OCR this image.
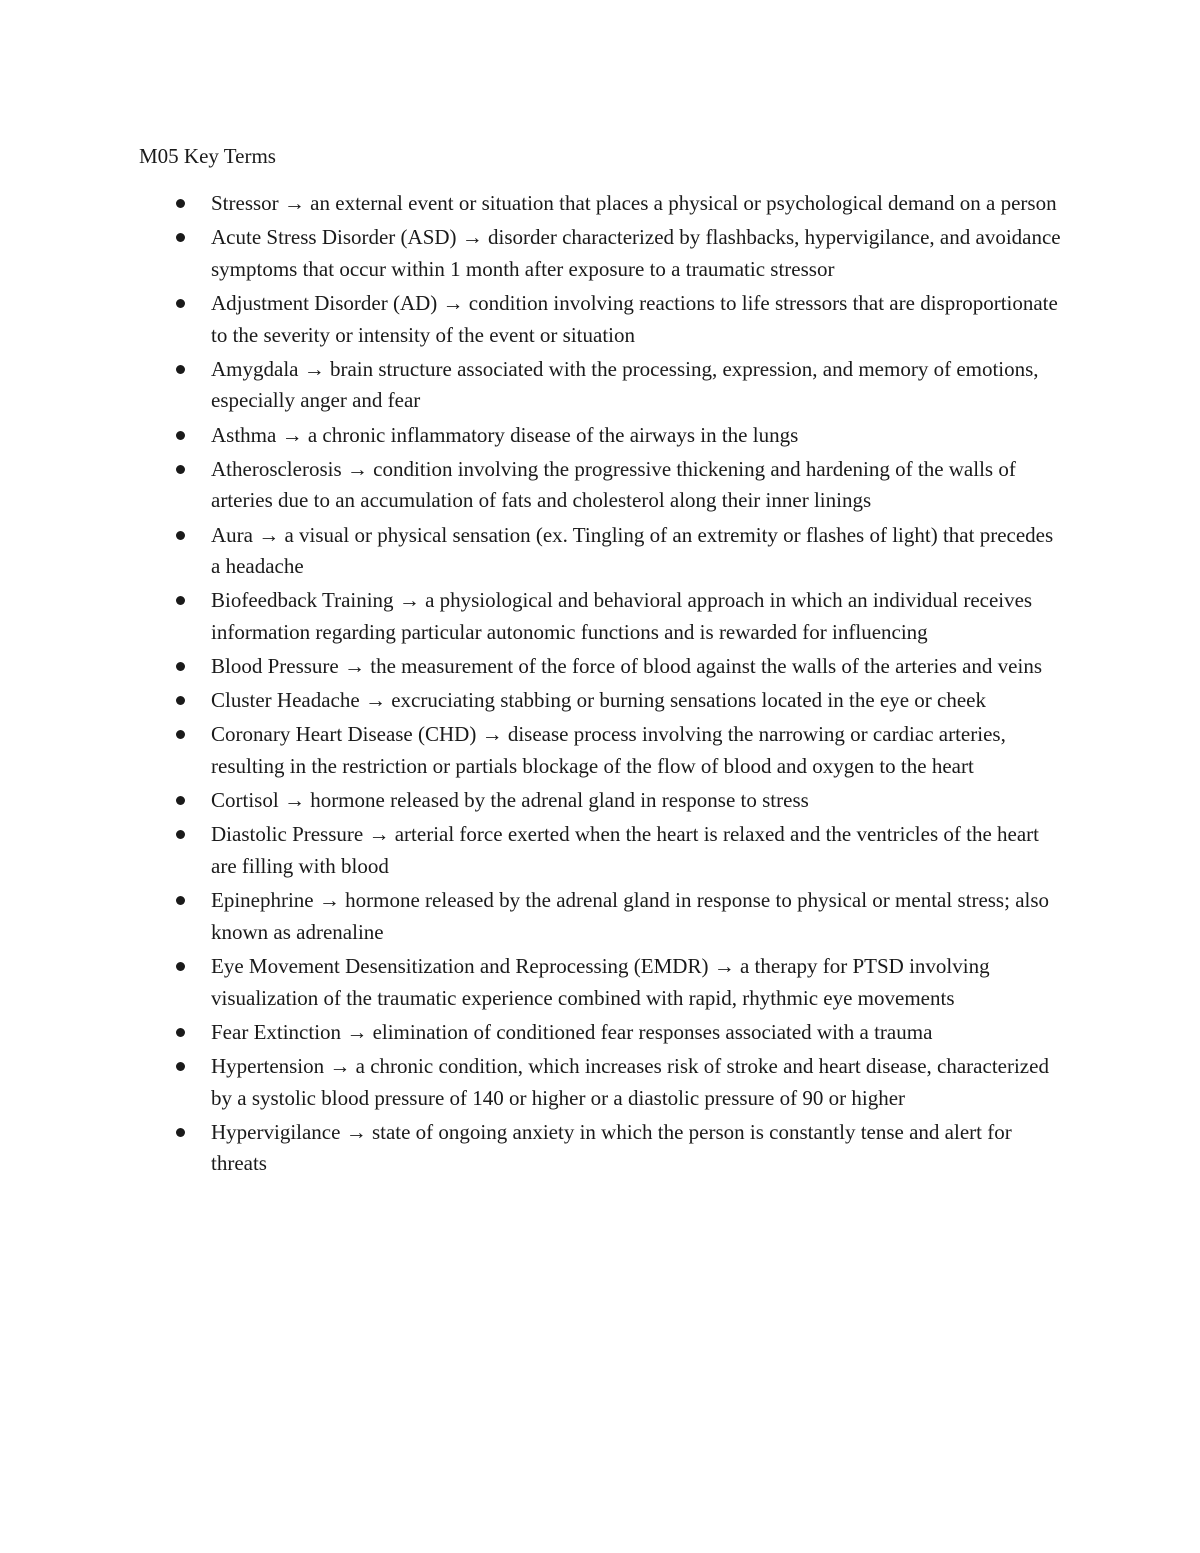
M05 Key Terms
Stressor → an external event or situation that places a physical or psychological demand on a person
Acute Stress Disorder (ASD) → disorder characterized by flashbacks, hypervigilance, and avoidance symptoms that occur within 1 month after exposure to a traumatic stressor
Adjustment Disorder (AD) → condition involving reactions to life stressors that are disproportionate to the severity or intensity of the event or situation
Amygdala → brain structure associated with the processing, expression, and memory of emotions, especially anger and fear
Asthma → a chronic inflammatory disease of the airways in the lungs
Atherosclerosis → condition involving the progressive thickening and hardening of the walls of arteries due to an accumulation of fats and cholesterol along their inner linings
Aura → a visual or physical sensation (ex. Tingling of an extremity or flashes of light) that precedes a headache
Biofeedback Training → a physiological and behavioral approach in which an individual receives information regarding particular autonomic functions and is rewarded for influencing
Blood Pressure → the measurement of the force of blood against the walls of the arteries and veins
Cluster Headache → excruciating stabbing or burning sensations located in the eye or cheek
Coronary Heart Disease (CHD) → disease process involving the narrowing or cardiac arteries, resulting in the restriction or partials blockage of the flow of blood and oxygen to the heart
Cortisol → hormone released by the adrenal gland in response to stress
Diastolic Pressure → arterial force exerted when the heart is relaxed and the ventricles of the heart are filling with blood
Epinephrine → hormone released by the adrenal gland in response to physical or mental stress; also known as adrenaline
Eye Movement Desensitization and Reprocessing (EMDR) → a therapy for PTSD involving visualization of the traumatic experience combined with rapid, rhythmic eye movements
Fear Extinction → elimination of conditioned fear responses associated with a trauma
Hypertension → a chronic condition, which increases risk of stroke and heart disease, characterized by a systolic blood pressure of 140 or higher or a diastolic pressure of 90 or higher
Hypervigilance → state of ongoing anxiety in which the person is constantly tense and alert for threats
